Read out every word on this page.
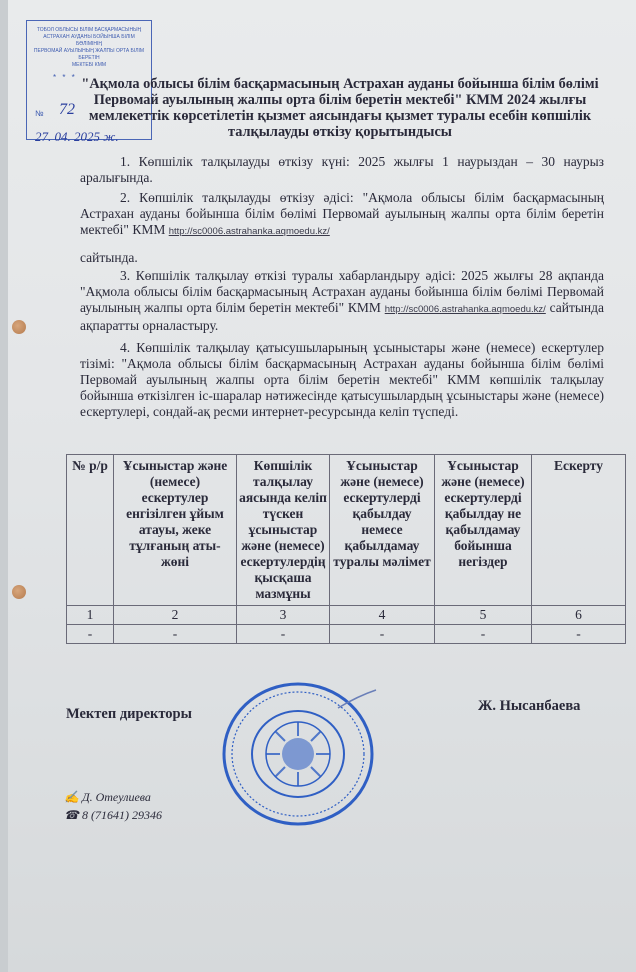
ТОБОЛ ОБЛЫСЫ БІЛІМ БАСҚАРМАСЫНЫҢ
АСТРАХАН АУДАНЫ БОЙЫНША БІЛІМ БӨЛІМІНІҢ
ПЕРВОМАЙ АУЫЛЫНЫҢ ЖАЛПЫ ОРТА БІЛІМ БЕРЕТІН
МЕКТЕБІ КММ
* * *
№ 72
27. 04. 2025 ж.
"Ақмола облысы білім басқармасының Астрахан ауданы бойынша білім бөлімі Первомай ауылының жалпы орта білім беретін мектебі" КММ 2024 жылғы мемлекеттік көрсетілетін қызмет аясындағы қызмет туралы есебін көпшілік талқылауды өткізу қорытындысы
1. Көпшілік талқылауды өткізу күні: 2025 жылғы 1 наурыздан – 30 наурыз аралығында.
2. Көпшілік талқылауды өткізу әдісі: "Ақмола облысы білім басқармасының Астрахан ауданы бойынша білім бөлімі Первомай ауылының жалпы орта білім беретін мектебі" КММ http://sc0006.astrahanka.aqmoedu.kz/
сайтында.
3. Көпшілік талқылау өткізі туралы хабарландыру әдісі: 2025 жылғы 28 ақпанда "Ақмола облысы білім басқармасының Астрахан ауданы бойынша білім бөлімі Первомай ауылының жалпы орта білім беретін мектебі" КММ http://sc0006.astrahanka.aqmoedu.kz/ сайтында ақпаратты орналастыру.
4. Көпшілік талқылау қатысушыларының ұсыныстары және (немесе) ескертулер тізімі: "Ақмола облысы білім басқармасының Астрахан ауданы бойынша білім бөлімі Первомай ауылының жалпы орта білім беретін мектебі" КММ көпшілік талқылау бойынша өткізілген іс-шаралар нәтижесінде қатысушылардың ұсыныстары және (немесе) ескертулері, сондай-ақ ресми интернет-ресурсында келіп түспеді.
№ р/р	Ұсыныстар және (немесе) ескертулер енгізілген ұйым атауы, жеке тұлғаның аты-жөні	Көпшілік талқылау аясында келіп түскен ұсыныстар және (немесе) ескертулердің қысқаша мазмұны	Ұсыныстар және (немесе) ескертулерді қабылдау немесе қабылдамау туралы мәлімет	Ұсыныстар және (немесе) ескертулерді қабылдау не қабылдамау бойынша негіздер	Ескерту
1	2	3	4	5	6
-	-	-	-	-	-
Мектеп директоры	Ж. Нысанбаева
✍ Д. Отеулиева
☎ 8 (71641) 29346
